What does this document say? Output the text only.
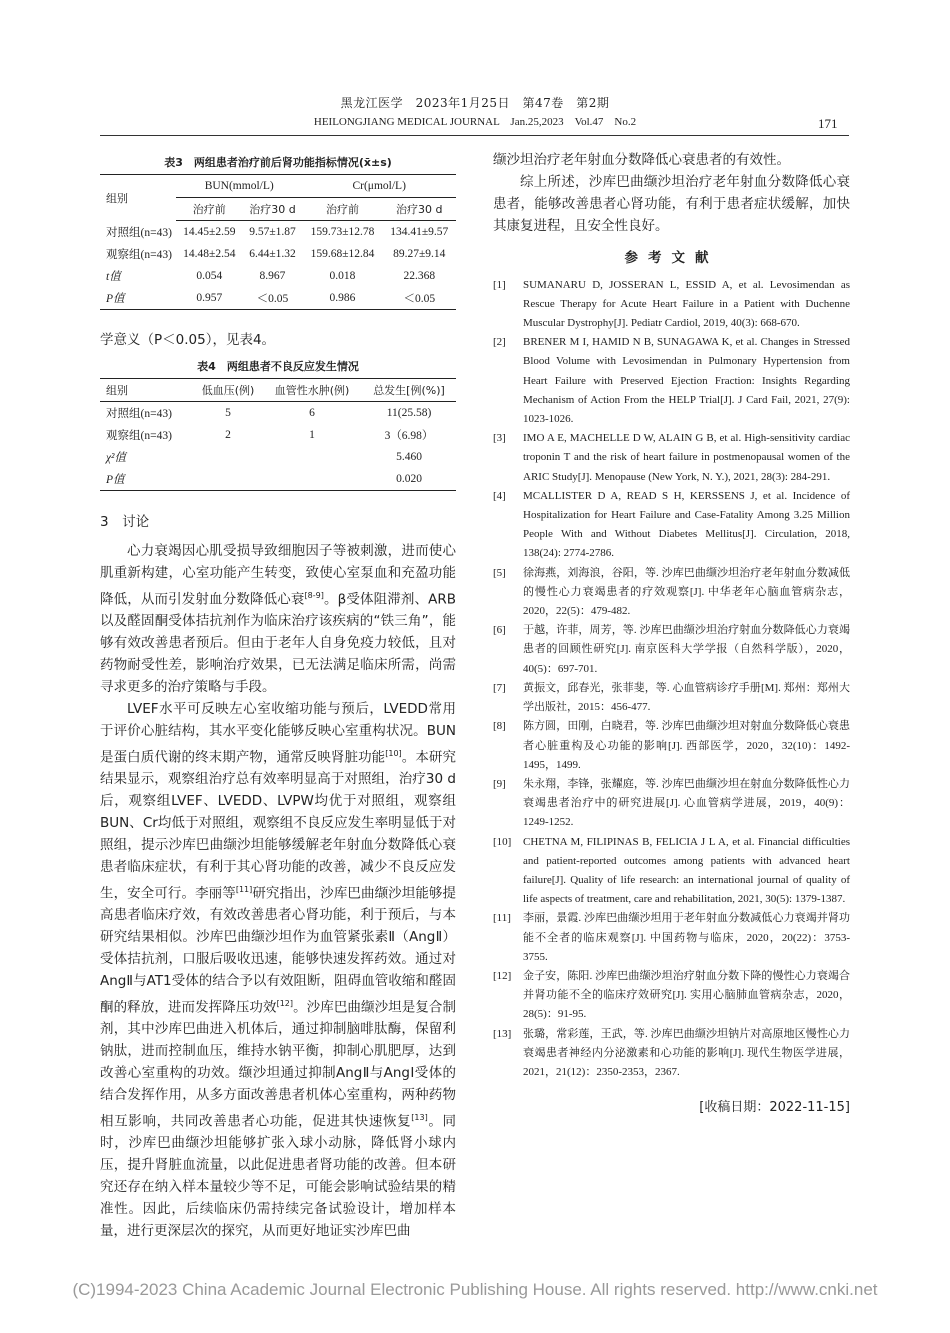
黑龙江医学　2023年1月25日　第47卷　第2期
HEILONGJIANG MEDICAL JOURNAL　Jan.25,2023　Vol.47　No.2	171
表3　两组患者治疗前后肾功能指标情况(x̄±s)
组别	BUN(mmol/L)		Cr(μmol/L)	
	治疗前	治疗30 d	治疗前	治疗30 d
对照组(n=43)	14.45±2.59	9.57±1.87	159.73±12.78	134.41±9.57
观察组(n=43)	14.48±2.54	6.44±1.32	159.68±12.84	89.27±9.14
t值	0.054	8.967	0.018	22.368
P值	0.957	＜0.05	0.986	＜0.05

学意义（P＜0.05），见表4。

表4　两组患者不良反应发生情况
组别	低血压(例)	血管性水肿(例)	总发生[例(%)]
对照组(n=43)	5	6	11(25.58)
观察组(n=43)	2	1	3（6.98）
χ²值			5.460
P值			0.020
3　讨论

心力衰竭因心肌受损导致细胞因子等被刺激，进而使心肌重新构建，心室功能产生转变，致使心室泵血和充盈功能降低，从而引发射血分数降低心衰[8-9]。β受体阻滞剂、ARB以及醛固酮受体拮抗剂作为临床治疗该疾病的“铁三角”，能够有效改善患者预后。但由于老年人自身免疫力较低，且对药物耐受性差，影响治疗效果，已无法满足临床所需，尚需寻求更多的治疗策略与手段。

LVEF水平可反映左心室收缩功能与预后，LVEDD常用于评价心脏结构，其水平变化能够反映心室重构状况。BUN是蛋白质代谢的终末期产物，通常反映肾脏功能[10]。本研究结果显示，观察组治疗总有效率明显高于对照组，治疗30 d后，观察组LVEF、LVEDD、LVPW均优于对照组，观察组BUN、Cr均低于对照组，观察组不良反应发生率明显低于对照组，提示沙库巴曲缬沙坦能够缓解老年射血分数降低心衰患者临床症状，有利于其心肾功能的改善，减少不良反应发生，安全可行。李丽等[11]研究指出，沙库巴曲缬沙坦能够提高患者临床疗效，有效改善患者心肾功能，利于预后，与本研究结果相似。沙库巴曲缬沙坦作为血管紧张素Ⅱ（AngⅡ）受体拮抗剂，口服后吸收迅速，能够快速发挥药效。通过对AngⅡ与AT1受体的结合予以有效阻断，阻碍血管收缩和醛固酮的释放，进而发挥降压功效[12]。沙库巴曲缬沙坦是复合制剂，其中沙库巴曲进入机体后，通过抑制脑啡肽酶，保留利钠肽，进而控制血压，维持水钠平衡，抑制心肌肥厚，达到改善心室重构的功效。缬沙坦通过抑制AngⅡ与AngⅠ受体的结合发挥作用，从多方面改善患者机体心室重构，两种药物相互影响，共同改善患者心功能，促进其快速恢复[13]。同时，沙库巴曲缬沙坦能够扩张入球小动脉，降低肾小球内压，提升肾脏血流量，以此促进患者肾功能的改善。但本研究还存在纳入样本量较少等不足，可能会影响试验结果的精准性。因此，后续临床仍需持续完备试验设计，增加样本量，进行更深层次的探究，从而更好地证实沙库巴曲

缬沙坦治疗老年射血分数降低心衰患者的有效性。

综上所述，沙库巴曲缬沙坦治疗老年射血分数降低心衰患者，能够改善患者心肾功能，有利于患者症状缓解，加快其康复进程，且安全性良好。

参考文献
[1] SUMANARU D, JOSSERAN L, ESSID A, et al. Levosimendan as Rescue Therapy for Acute Heart Failure in a Patient with Duchenne Muscular Dystrophy[J]. Pediatr Cardiol, 2019, 40(3): 668-670.
[2] BRENER M I, HAMID N B, SUNAGAWA K, et al. Changes in Stressed Blood Volume with Levosimendan in Pulmonary Hypertension from Heart Failure with Preserved Ejection Fraction: Insights Regarding Mechanism of Action From the HELP Trial[J]. J Card Fail, 2021, 27(9): 1023-1026.
[3] IMO A E, MACHELLE D W, ALAIN G B, et al. High-sensitivity cardiac troponin T and the risk of heart failure in postmenopausal women of the ARIC Study[J]. Menopause (New York, N. Y.), 2021, 28(3): 284-291.
[4] MCALLISTER D A, READ S H, KERSSENS J, et al. Incidence of Hospitalization for Heart Failure and Case-Fatality Among 3.25 Million People With and Without Diabetes Mellitus[J]. Circulation, 2018, 138(24): 2774-2786.
[5] 徐海燕，刘海浪，谷阳，等. 沙库巴曲缬沙坦治疗老年射血分数减低的慢性心力衰竭患者的疗效观察[J]. 中华老年心脑血管病杂志，2020，22(5)：479-482.
[6] 于越，许菲，周芳，等. 沙库巴曲缬沙坦治疗射血分数降低心力衰竭患者的回顾性研究[J]. 南京医科大学学报（自然科学版），2020，40(5)：697-701.
[7] 黄振文，邱春光，张菲斐，等. 心血管病诊疗手册[M]. 郑州：郑州大学出版社，2015：456-477.
[8] 陈方圆，田刚，白晓君，等. 沙库巴曲缬沙坦对射血分数降低心衰患者心脏重构及心功能的影响[J]. 西部医学，2020，32(10)：1492-1495，1499.
[9] 朱永翔，李锋，张耀庭，等. 沙库巴曲缬沙坦在射血分数降低性心力衰竭患者治疗中的研究进展[J]. 心血管病学进展，2019，40(9)：1249-1252.
[10] CHETNA M, FILIPINAS B, FELICIA J L A, et al. Financial difficulties and patient-reported outcomes among patients with advanced heart failure[J]. Quality of life research: an international journal of quality of life aspects of treatment, care and rehabilitation, 2021, 30(5): 1379-1387.
[11] 李丽，景霞. 沙库巴曲缬沙坦用于老年射血分数减低心力衰竭并肾功能不全者的临床观察[J]. 中国药物与临床，2020，20(22)：3753-3755.
[12] 金子安，陈阳. 沙库巴曲缬沙坦治疗射血分数下降的慢性心力衰竭合并肾功能不全的临床疗效研究[J]. 实用心脑肺血管病杂志，2020，28(5)：91-95.
[13] 张璐，常彩莲，王武，等. 沙库巴曲缬沙坦钠片对高原地区慢性心力衰竭患者神经内分泌激素和心功能的影响[J]. 现代生物医学进展，2021，21(12)：2350-2353，2367.
[收稿日期：2022-11-15]
(C)1994-2023 China Academic Journal Electronic Publishing House. All rights reserved. http://www.cnki.net
